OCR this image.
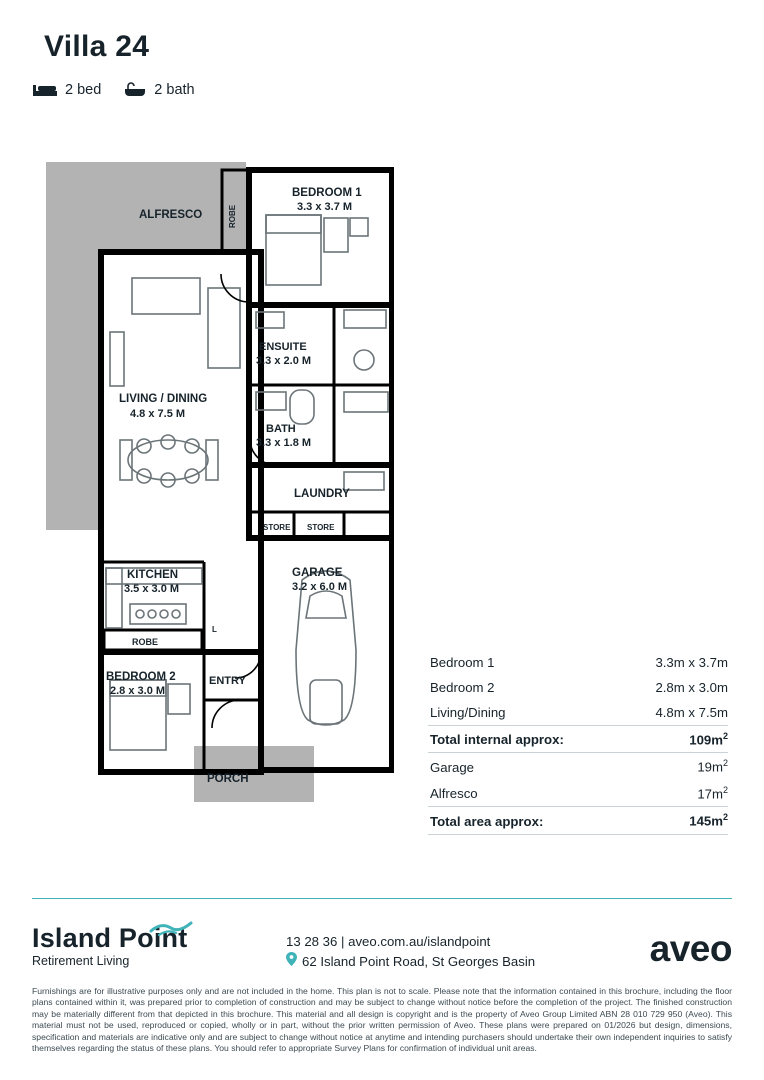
Villa 24
2 bed	2 bath
ALFRESCO
BEDROOM 1
3.3 x 3.7 M
ROBE
ENSUITE
3.3 x 2.0 M
BATH
3.3 x 1.8 M
LIVING / DINING
4.8 x 7.5 M
LAUNDRY
STORE STORE
KITCHEN
3.5 x 3.0 M
GARAGE
3.2 x 6.0 M
ROBE
L
BEDROOM 2
2.8 x 3.0 M
ENTRY
PORCH
Bedroom 1	3.3m x 3.7m
Bedroom 2	2.8m x 3.0m
Living/Dining	4.8m x 7.5m
Total internal approx:	$109m^2$
Garage	$19m^2$
Alfresco	$17m^2$
Total area approx:	$145m^2$
Island Point
Retirement Living
13 28 36 | aveo.com.au/islandpoint
62 Island Point Road, St Georges Basin	aveo
Furnishings are for illustrative purposes only and are not included in the home. This plan is not to scale. Please note that the information contained in this brochure, including the floor plans contained within it, was prepared prior to completion of construction and may be subject to change without notice before the completion of the project. The finished construction may be materially different from that depicted in this brochure. This material and all design is copyright and is the property of Aveo Group Limited ABN 28 010 729 950 (Aveo). This material must not be used, reproduced or copied, wholly or in part, without the prior written permission of Aveo. These plans were prepared on 01/2026 but design, dimensions, specification and materials are indicative only and are subject to change without notice at anytime and intending purchasers should undertake their own independent inquiries to satisfy themselves regarding the status of these plans. You should refer to appropriate Survey Plans for confirmation of individual unit areas.
